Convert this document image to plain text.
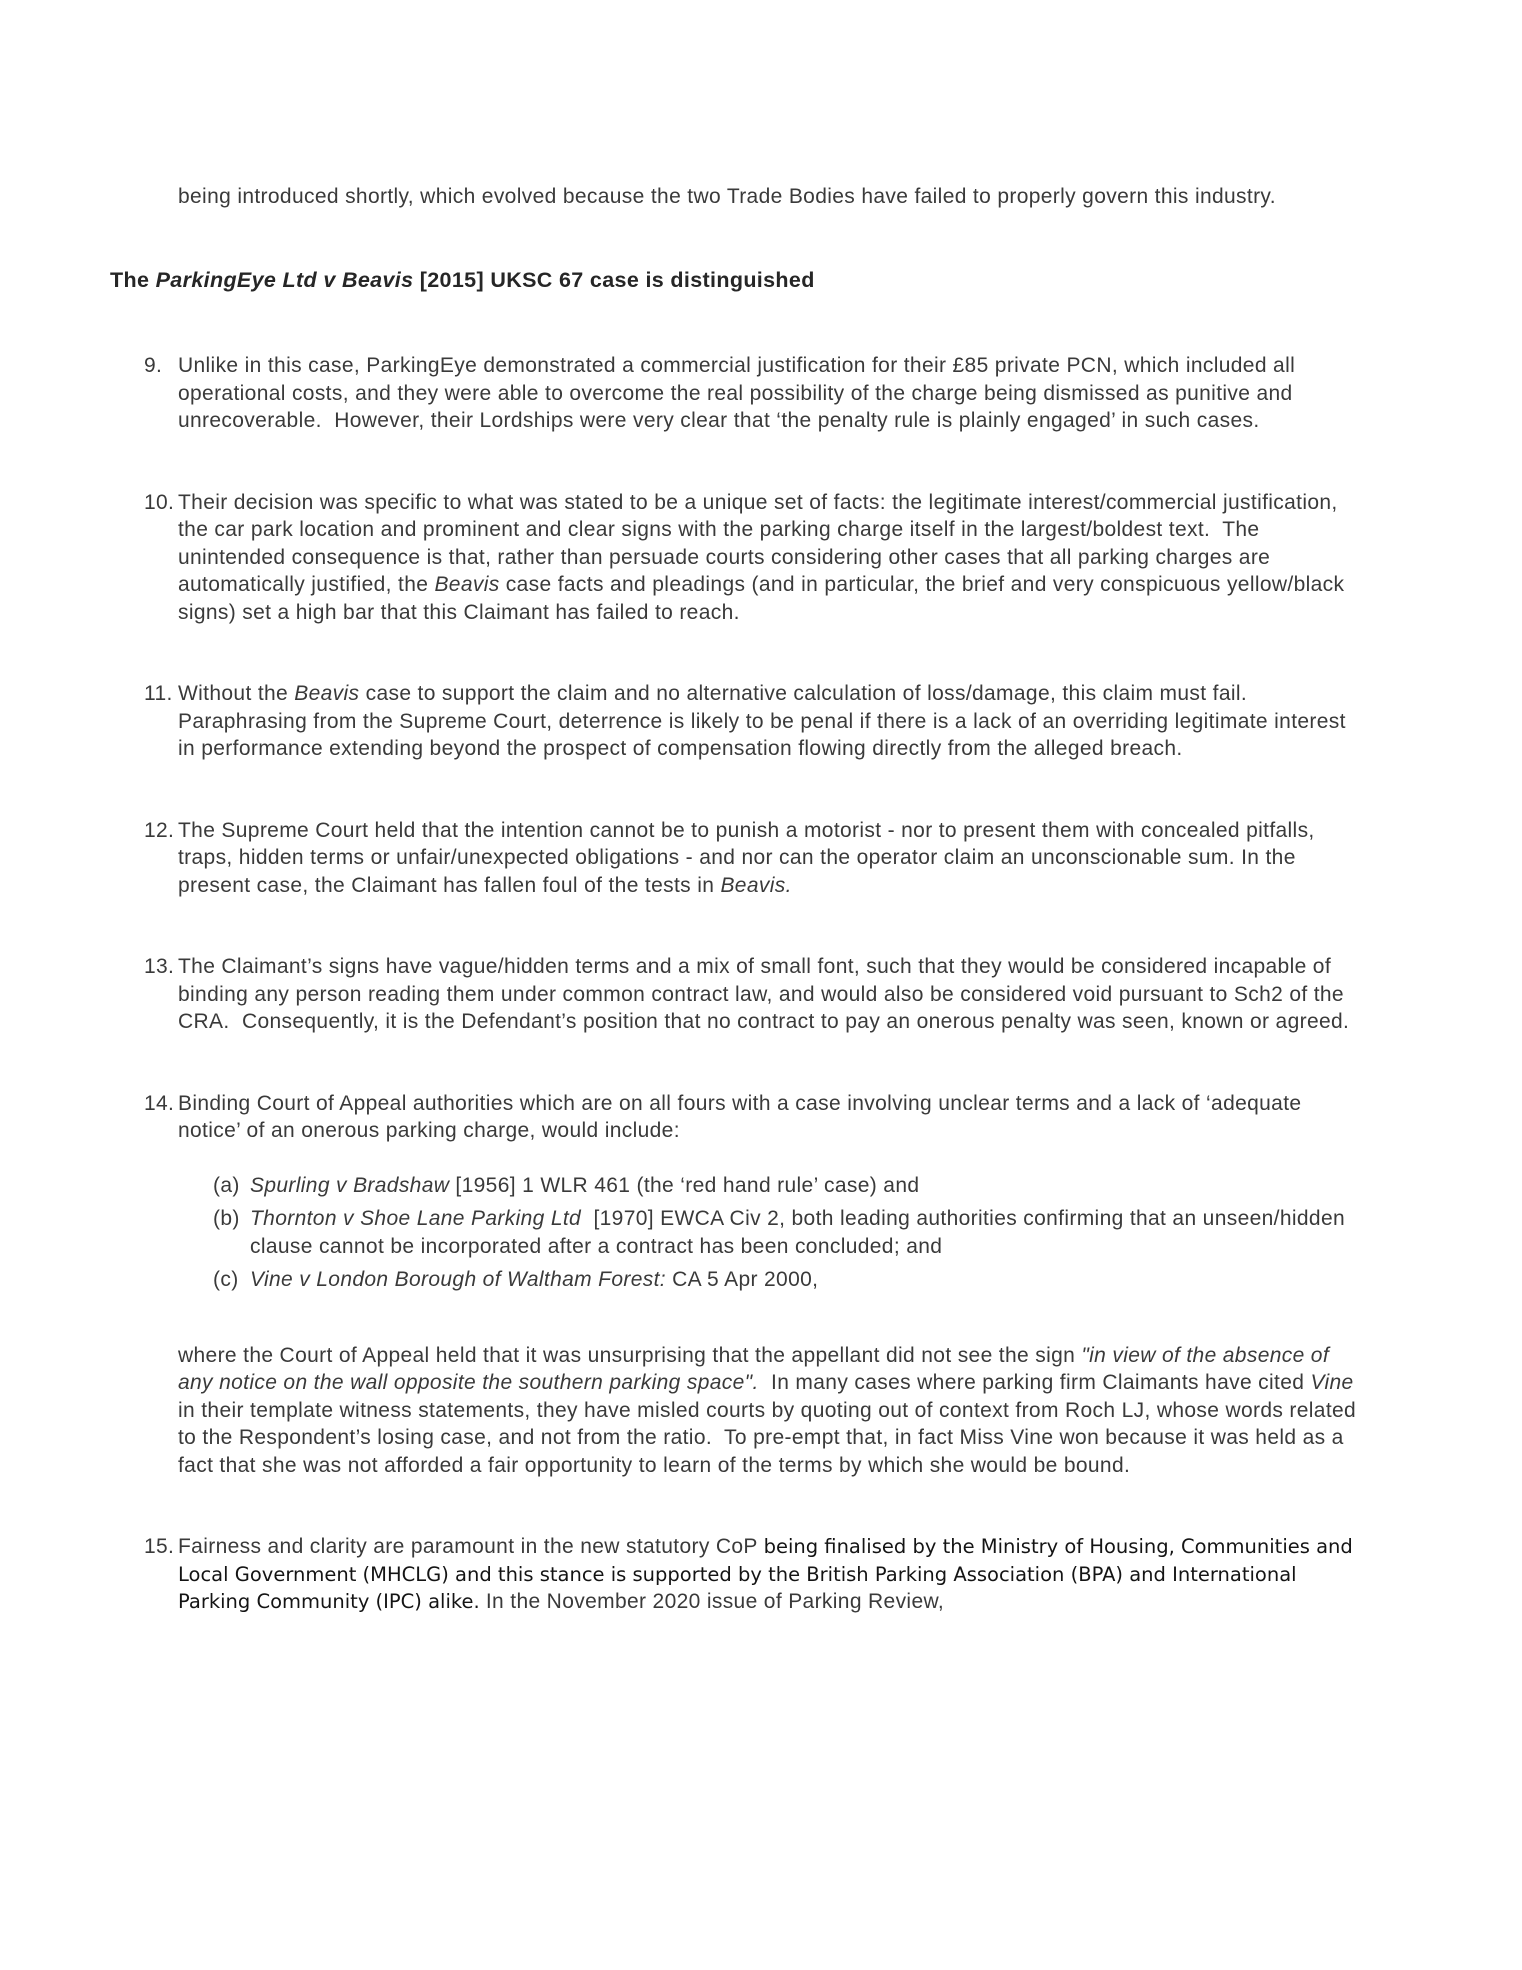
being introduced shortly, which evolved because the two Trade Bodies have failed to properly govern this industry.

The ParkingEye Ltd v Beavis [2015] UKSC 67 case is distinguished
9. Unlike in this case, ParkingEye demonstrated a commercial justification for their £85 private PCN, which included all operational costs, and they were able to overcome the real possibility of the charge being dismissed as punitive and unrecoverable.  However, their Lordships were very clear that ‘the penalty rule is plainly engaged’ in such cases.

10. Their decision was specific to what was stated to be a unique set of facts: the legitimate interest/commercial justification, the car park location and prominent and clear signs with the parking charge itself in the largest/boldest text.  The unintended consequence is that, rather than persuade courts considering other cases that all parking charges are automatically justified, the Beavis case facts and pleadings (and in particular, the brief and very conspicuous yellow/black signs) set a high bar that this Claimant has failed to reach.

11. Without the Beavis case to support the claim and no alternative calculation of loss/damage, this claim must fail.  Paraphrasing from the Supreme Court, deterrence is likely to be penal if there is a lack of an overriding legitimate interest in performance extending beyond the prospect of compensation flowing directly from the alleged breach.

12. The Supreme Court held that the intention cannot be to punish a motorist - nor to present them with concealed pitfalls, traps, hidden terms or unfair/unexpected obligations - and nor can the operator claim an unconscionable sum. In the present case, the Claimant has fallen foul of the tests in Beavis.

13. The Claimant’s signs have vague/hidden terms and a mix of small font, such that they would be considered incapable of binding any person reading them under common contract law, and would also be considered void pursuant to Sch2 of the CRA.  Consequently, it is the Defendant’s position that no contract to pay an onerous penalty was seen, known or agreed.

14. Binding Court of Appeal authorities which are on all fours with a case involving unclear terms and a lack of ‘adequate notice’ of an onerous parking charge, would include:

(a) Spurling v Bradshaw [1956] 1 WLR 461 (the ‘red hand rule’ case) and

(b) Thornton v Shoe Lane Parking Ltd  [1970] EWCA Civ 2, both leading authorities confirming that an unseen/hidden clause cannot be incorporated after a contract has been concluded; and

(c) Vine v London Borough of Waltham Forest: CA 5 Apr 2000,

where the Court of Appeal held that it was unsurprising that the appellant did not see the sign "in view of the absence of any notice on the wall opposite the southern parking space".  In many cases where parking firm Claimants have cited Vine in their template witness statements, they have misled courts by quoting out of context from Roch LJ, whose words related to the Respondent’s losing case, and not from the ratio.  To pre-empt that, in fact Miss Vine won because it was held as a fact that she was not afforded a fair opportunity to learn of the terms by which she would be bound.

15. Fairness and clarity are paramount in the new statutory CoP being finalised by the Ministry of Housing, Communities and Local Government (MHCLG) and this stance is supported by the British Parking Association (BPA) and International Parking Community (IPC) alike. In the November 2020 issue of Parking Review,
